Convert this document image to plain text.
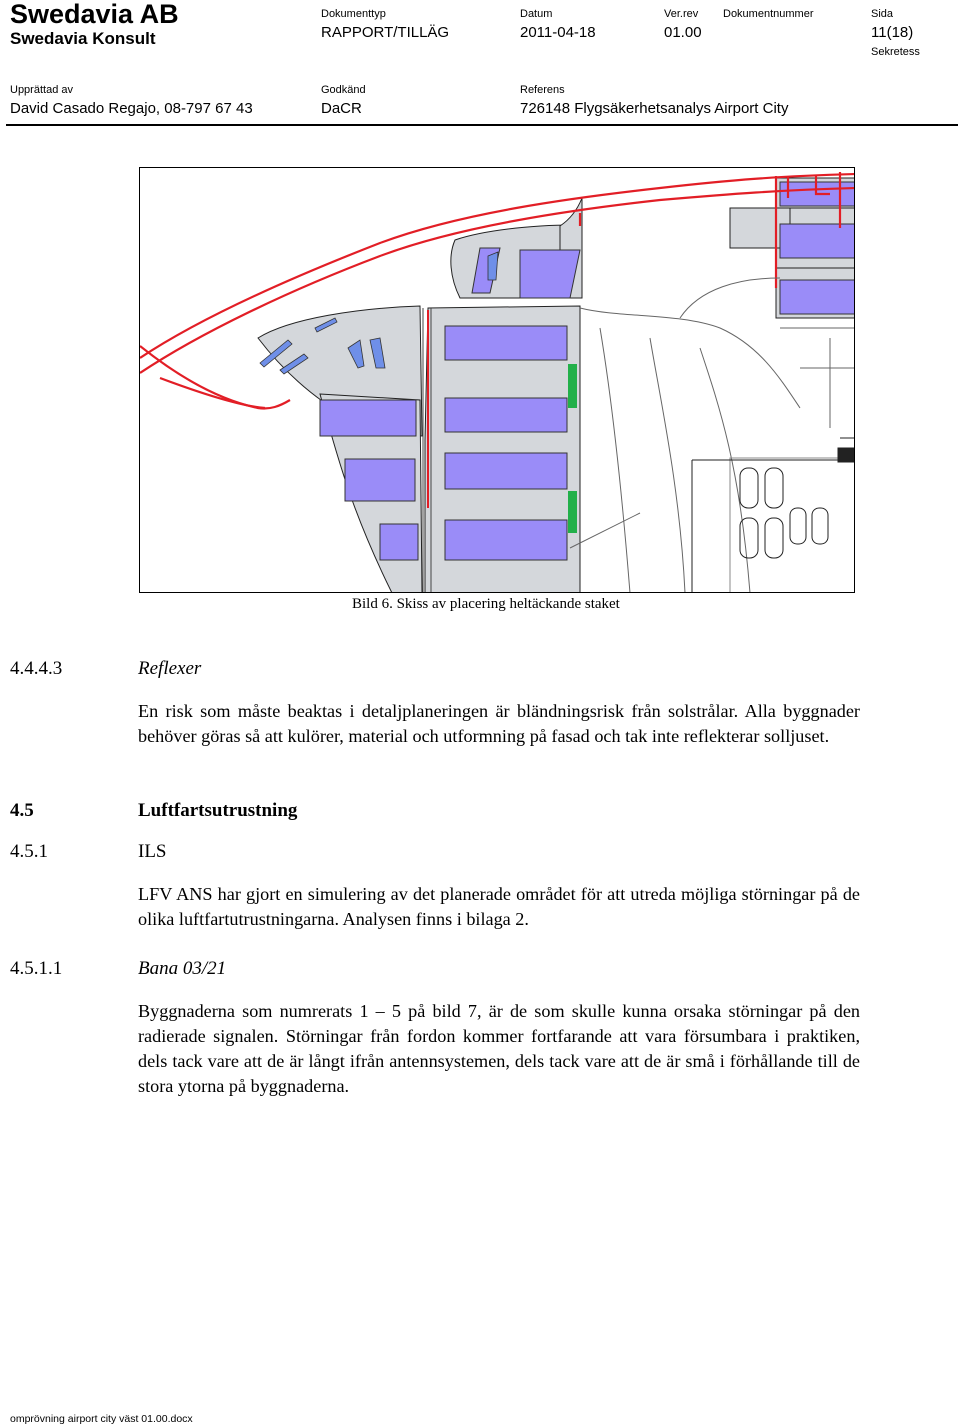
Swedavia AB
Swedavia Konsult
Dokumenttyp
RAPPORT/TILLÄG
Datum
2011-04-18
Ver.rev
01.00
Dokumentnummer	Sida
11(18)
Sekretess
Upprättad av
David Casado Regajo, 08-797 67 43
Godkänd
DaCR
Referens
726148 Flygsäkerhetsanalys Airport City
Bild 6. Skiss av placering heltäckande staket
4.4.4.3	Reflexer
En risk som måste beaktas i detaljplaneringen är bländningsrisk från solstrålar. Alla byggnader behöver göras så att kulörer, material och utformning på fasad och tak inte reflekterar solljuset.
4.5	Luftfartsutrustning
4.5.1	ILS
LFV ANS har gjort en simulering av det planerade området för att utreda möjliga störningar på de olika luftfartutrustningarna. Analysen finns i bilaga 2.
4.5.1.1	Bana 03/21
Byggnaderna som numrerats 1 – 5 på bild 7, är de som skulle kunna orsaka störningar på den radierade signalen. Störningar från fordon kommer fortfarande att vara försumbara i praktiken, dels tack vare att de är långt ifrån antennsystemen, dels tack vare att de är små i förhållande till de stora ytorna på byggnaderna.
omprövning airport city väst 01.00.docx
